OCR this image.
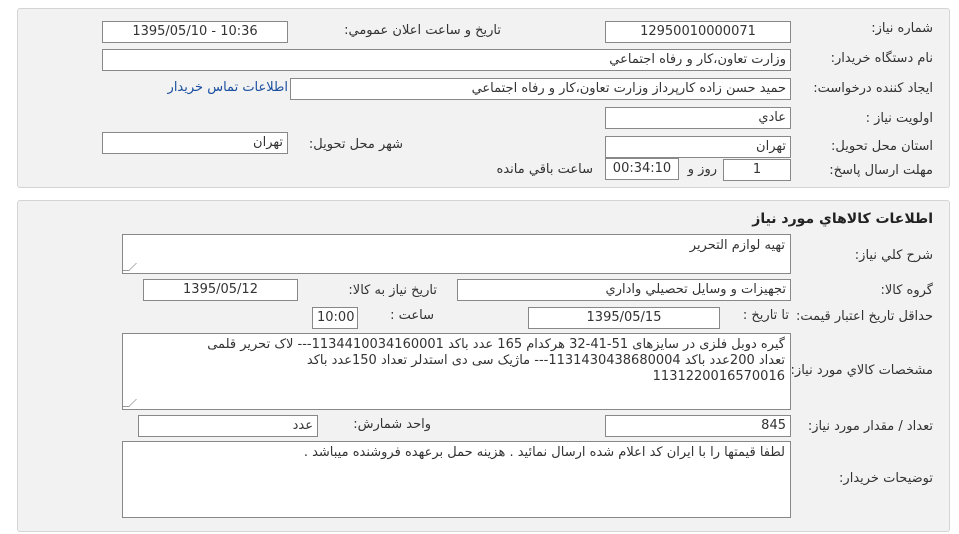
شماره نياز:
12950010000071
تاريخ و ساعت اعلان عمومي:
1395/05/10 - 10:36
نام دستگاه خريدار:
وزارت تعاون،کار و رفاه اجتماعي
ايجاد کننده درخواست:
حميد حسن زاده کارپرداز وزارت تعاون،کار و رفاه اجتماعي
اطلاعات تماس خريدار
اولويت نياز :
عادي
استان محل تحويل:
تهران
شهر محل تحويل:
تهران
مهلت ارسال پاسخ:
1
روز و
00:34:10
ساعت باقي مانده
اطلاعات کالاهاي مورد نياز
شرح کلي نياز:
تهيه لوازم التحرير
گروه کالا:
تجهيزات و وسايل تحصيلي واداري
تاريخ نياز به کالا:
1395/05/12
حداقل تاريخ اعتبار قيمت:
تا تاريخ :
1395/05/15
ساعت :
10:00
مشخصات کالاي مورد نياز:
گيره دوبل فلزی در سایزهای 51-41-32 هرکدام 165 عدد باکد 1134410034160001--- لاک تحریر قلمی
تعداد 200عدد باکد 1131430438680004--- ماژیک سی دی استدلر تعداد 150عدد باکد
1131220016570016
تعداد / مقدار مورد نياز:
845
واحد شمارش:
عدد
توضيحات خريدار:
لطفا قیمتها را با ایران کد اعلام شده ارسال نمائید . هزینه حمل برعهده فروشنده میباشد .
